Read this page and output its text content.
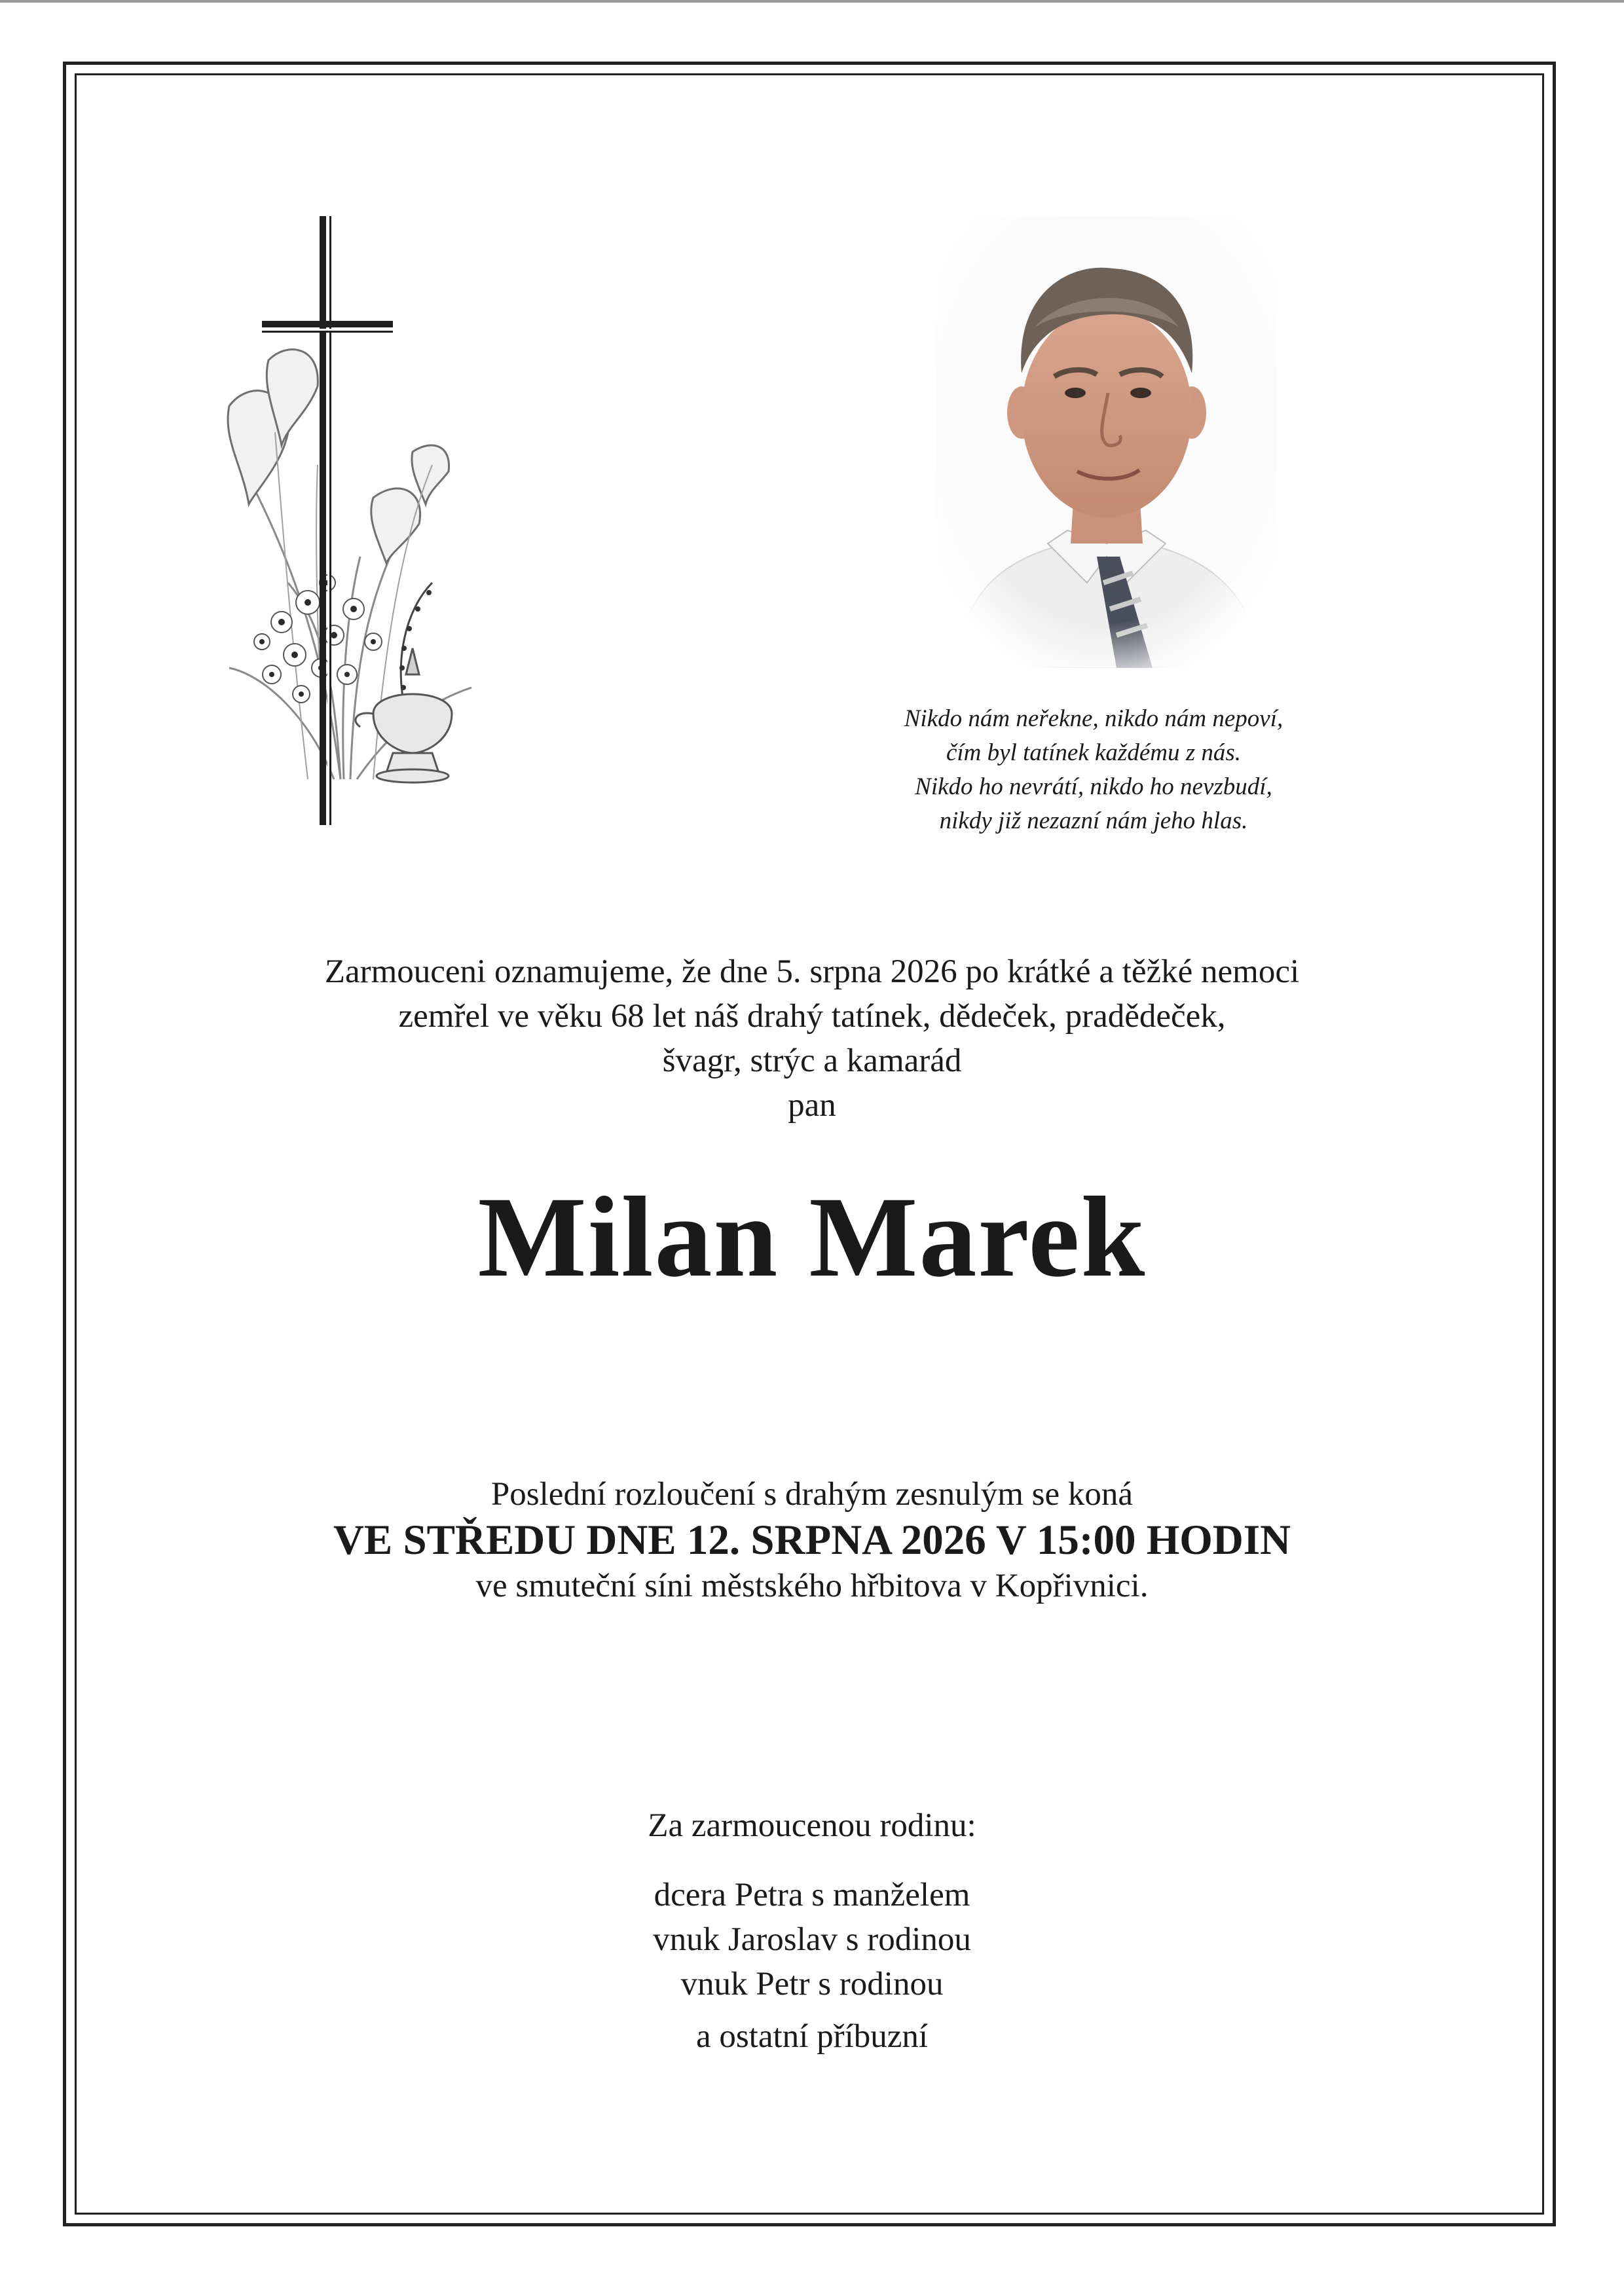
Nikdo nám neřekne, nikdo nám nepoví,
čím byl tatínek každému z nás.
Nikdo ho nevrátí, nikdo ho nevzbudí,
nikdy již nezazní nám jeho hlas.
Zarmouceni oznamujeme, že dne 5. srpna 2026 po krátké a těžké nemoci
zemřel ve věku 68 let náš drahý tatínek, dědeček, pradědeček,
švagr, strýc a kamarád
pan
Milan Marek
Poslední rozloučení s drahým zesnulým se koná
VE STŘEDU DNE 12. SRPNA 2026 V 15:00 HODIN
ve smuteční síni městského hřbitova v Kopřivnici.
Za zarmoucenou rodinu:
dcera Petra s manželem
vnuk Jaroslav s rodinou
vnuk Petr s rodinou
a ostatní příbuzní
